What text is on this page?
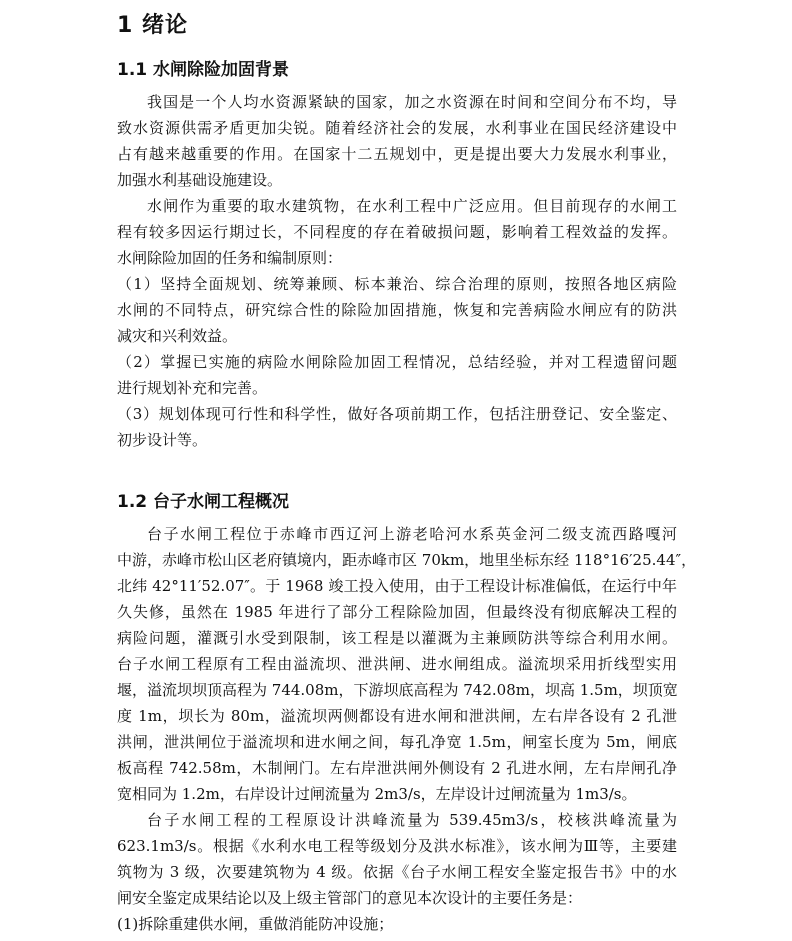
1 绪论
1.1 水闸除险加固背景
我国是一个人均水资源紧缺的国家，加之水资源在时间和空间分布不均，导
致水资源供需矛盾更加尖锐。随着经济社会的发展，水利事业在国民经济建设中
占有越来越重要的作用。在国家十二五规划中，更是提出要大力发展水利事业，
加强水利基础设施建设。
水闸作为重要的取水建筑物，在水利工程中广泛应用。但目前现存的水闸工
程有较多因运行期过长，不同程度的存在着破损问题，影响着工程效益的发挥。
水闸除险加固的任务和编制原则：
（1）坚持全面规划、统筹兼顾、标本兼治、综合治理的原则，按照各地区病险
水闸的不同特点，研究综合性的除险加固措施，恢复和完善病险水闸应有的防洪
减灾和兴利效益。
（2）掌握已实施的病险水闸除险加固工程情况，总结经验，并对工程遗留问题
进行规划补充和完善。
（3）规划体现可行性和科学性，做好各项前期工作，包括注册登记、安全鉴定、
初步设计等。
1.2 台子水闸工程概况
台子水闸工程位于赤峰市西辽河上游老哈河水系英金河二级支流西路嘎河
中游，赤峰市松山区老府镇境内，距赤峰市区 70km，地里坐标东经 118°16′25.44″，
北纬 42°11′52.07″。于 1968 竣工投入使用，由于工程设计标准偏低，在运行中年
久失修，虽然在 1985 年进行了部分工程除险加固，但最终没有彻底解决工程的
病险问题，灌溉引水受到限制，该工程是以灌溉为主兼顾防洪等综合利用水闸。
台子水闸工程原有工程由溢流坝、泄洪闸、进水闸组成。溢流坝采用折线型实用
堰，溢流坝坝顶高程为 744.08m，下游坝底高程为 742.08m，坝高 1.5m，坝顶宽
度 1m，坝长为 80m，溢流坝两侧都设有进水闸和泄洪闸，左右岸各设有 2 孔泄
洪闸，泄洪闸位于溢流坝和进水闸之间，每孔净宽 1.5m，闸室长度为 5m，闸底
板高程 742.58m，木制闸门。左右岸泄洪闸外侧设有 2 孔进水闸，左右岸闸孔净
宽相同为 1.2m，右岸设计过闸流量为 2m3/s，左岸设计过闸流量为 1m3/s。
台子水闸工程的工程原设计洪峰流量为 539.45m3/s，校核洪峰流量为
623.1m3/s。根据《水利水电工程等级划分及洪水标准》，该水闸为Ⅲ等，主要建
筑物为 3 级，次要建筑物为 4 级。依据《台子水闸工程安全鉴定报告书》中的水
闸安全鉴定成果结论以及上级主管部门的意见本次设计的主要任务是：
(1)拆除重建供水闸，重做消能防冲设施；
